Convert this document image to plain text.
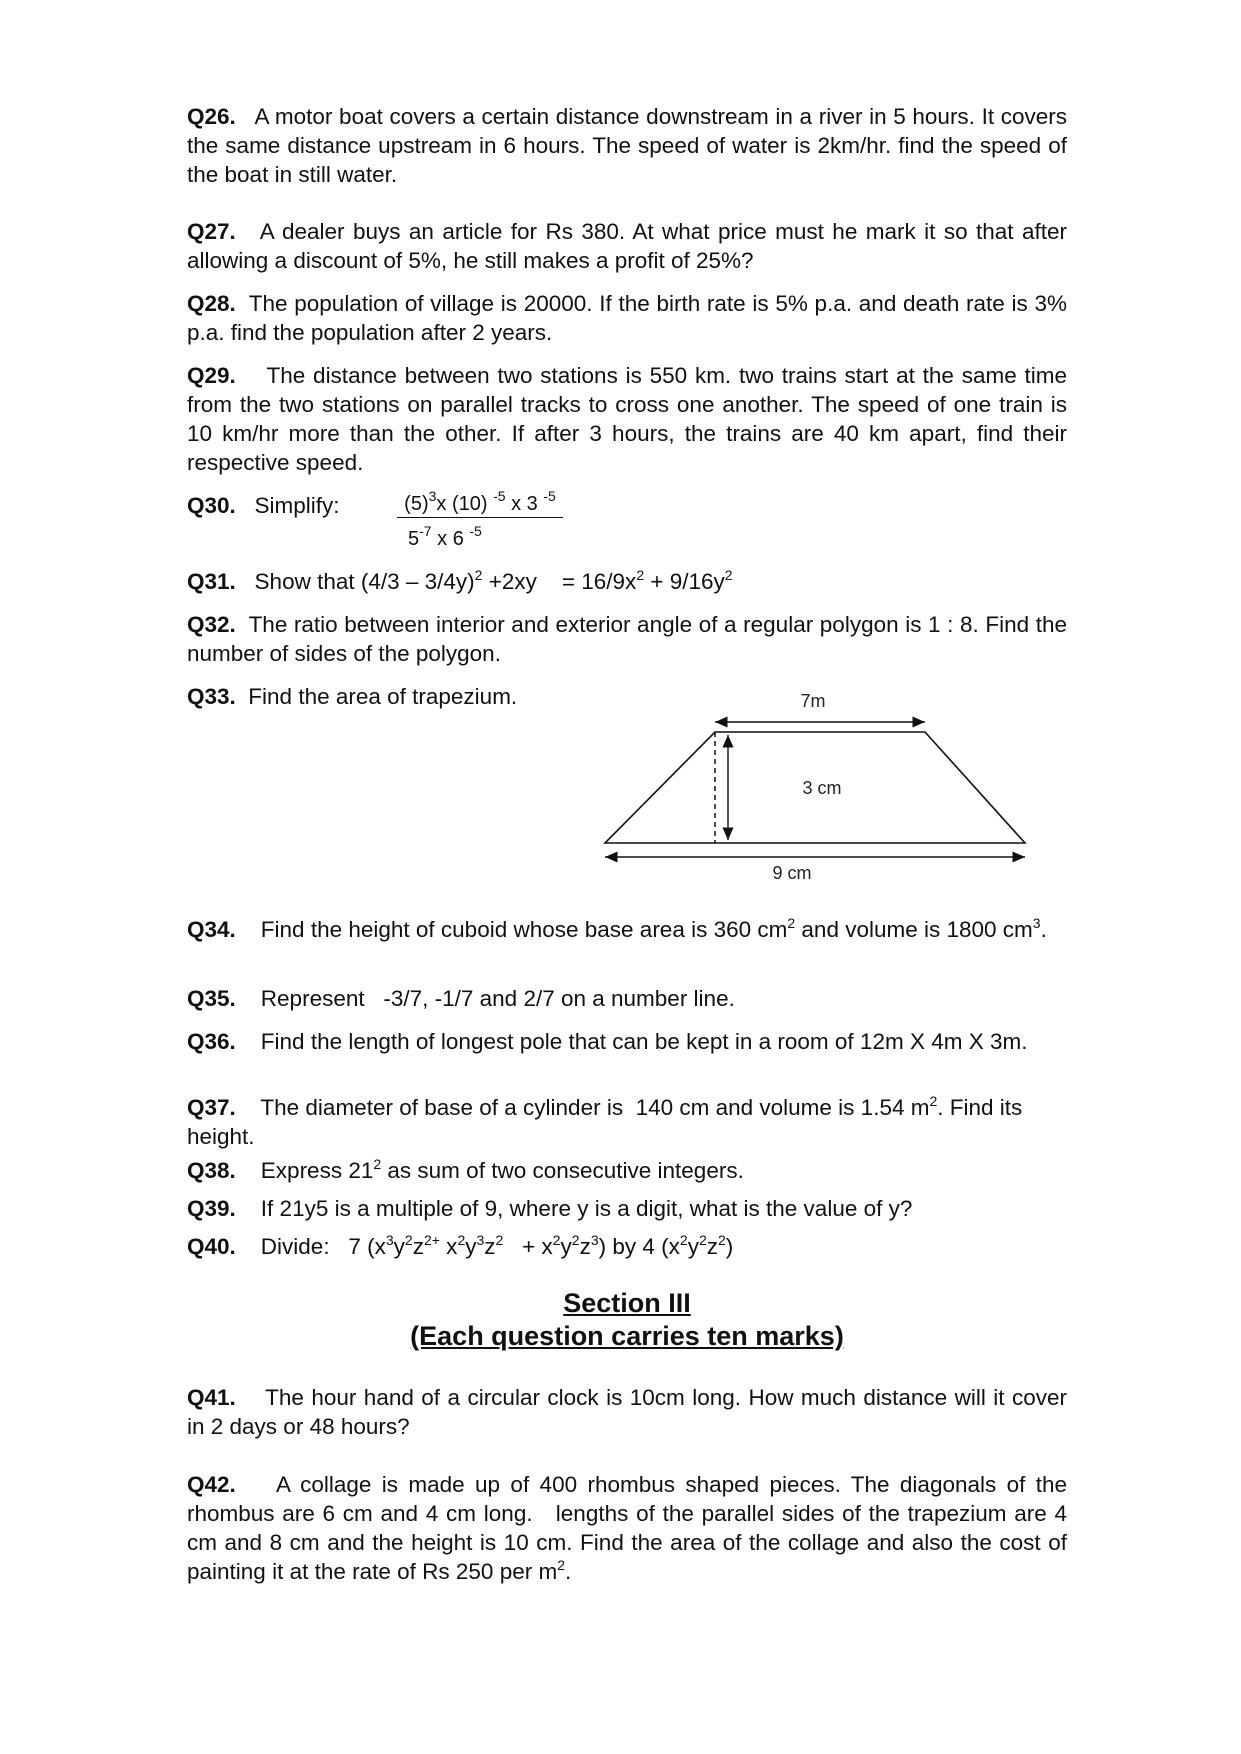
Q26. A motor boat covers a certain distance downstream in a river in 5 hours. It covers the same distance upstream in 6 hours. The speed of water is 2km/hr. find the speed of the boat in still water.
Q27. A dealer buys an article for Rs 380. At what price must he mark it so that after allowing a discount of 5%, he still makes a profit of 25%?
Q28. The population of village is 20000. If the birth rate is 5% p.a. and death rate is 3% p.a. find the population after 2 years.
Q29. The distance between two stations is 550 km. two trains start at the same time from the two stations on parallel tracks to cross one another. The speed of one train is 10 km/hr more than the other. If after 3 hours, the trains are 40 km apart, find their respective speed.
Q30. Simplify:	$(5)^3x$ (10) $^{-5}$ x 3 $^{-5}$
$5^{-7}$ x 6 $^{-5}$
Q31. Show that (4/3 – 3/4y)$^2$ +2xy    = $16/9x^2 + 9/16y^2$
Q32. The ratio between interior and exterior angle of a regular polygon is 1 : 8. Find the number of sides of the polygon.
Q33. Find the area of trapezium.	7m
3 cm
9 cm
Q34. Find the height of cuboid whose base area is 360 $cm^2$ and volume is 1800 $cm^3$.
Q35. Represent   -3/7, -1/7 and 2/7 on a number line.
Q36. Find the length of longest pole that can be kept in a room of 12m X 4m X 3m.
Q37. The diameter of base of a cylinder is  140 cm and volume is 1.54 $m^2$. Find its height.
Q38. Express $21^2$ as sum of two consecutive integers.
Q39. If 21y5 is a multiple of 9, where y is a digit, what is the value of y?
Q40. Divide: 7 ($x^3y^2z^{2+}$ $x^2y^3z^2 + x^2y^2z^3$) by 4 $(x^2y^2z^2)$
Section III
(Each question carries ten marks)
Q41. The hour hand of a circular clock is 10cm long. How much distance will it cover in 2 days or 48 hours?
Q42. A collage is made up of 400 rhombus shaped pieces. The diagonals of the rhombus are 6 cm and 4 cm long.   lengths of the parallel sides of the trapezium are 4 cm and 8 cm and the height is 10 cm. Find the area of the collage and also the cost of painting it at the rate of Rs 250 per $m^2$.
